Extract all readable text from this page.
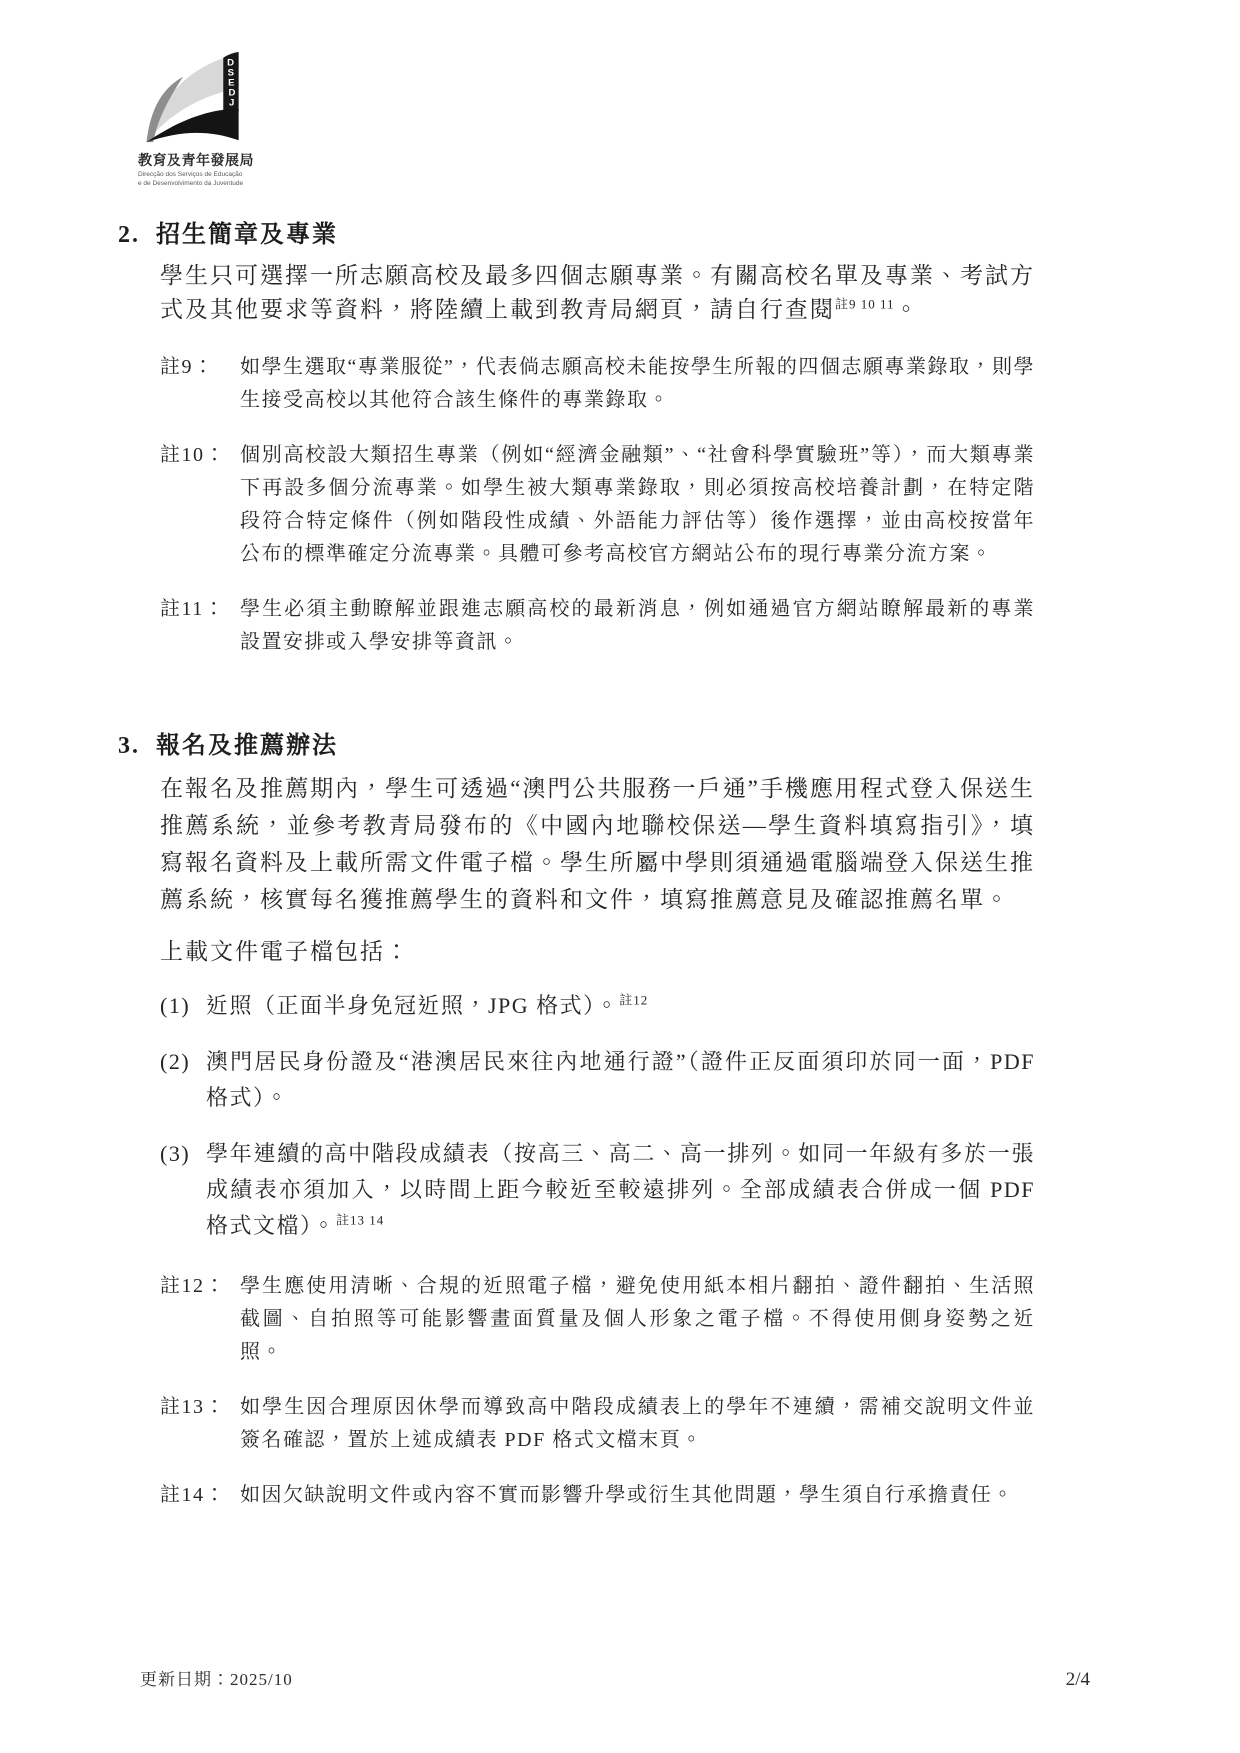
D S E D J
教育及青年發展局
Direcção dos Serviços de Educação
e de Desenvolvimento da Juventude
2. 招生簡章及專業

學生只可選擇一所志願高校及最多四個志願專業。有關高校名單及專業、考試方式及其他要求等資料，將陸續上載到教青局網頁，請自行查閱$^{註9 10 11}$。

註9：	如學生選取“專業服從”，代表倘志願高校未能按學生所報的四個志願專業錄取，則學生接受高校以其他符合該生條件的專業錄取。
註10： 個別高校設大類招生專業（例如“經濟金融類”、“社會科學實驗班”等），而大類專業下再設多個分流專業。如學生被大類專業錄取，則必須按高校培養計劃，在特定階段符合特定條件（例如階段性成績、外語能力評估等）後作選擇，並由高校按當年公布的標準確定分流專業。具體可參考高校官方網站公布的現行專業分流方案。
註11： 學生必須主動瞭解並跟進志願高校的最新消息，例如通過官方網站瞭解最新的專業設置安排或入學安排等資訊。
3. 報名及推薦辦法

在報名及推薦期內，學生可透過“澳門公共服務一戶通”手機應用程式登入保送生推薦系統，並參考教青局發布的《中國內地聯校保送—學生資料填寫指引》，填寫報名資料及上載所需文件電子檔。學生所屬中學則須通過電腦端登入保送生推薦系統，核實每名獲推薦學生的資料和文件，填寫推薦意見及確認推薦名單。

上載文件電子檔包括：

(1) 近照（正面半身免冠近照，JPG 格式）。$^{註12}$
(2) 澳門居民身份證及“港澳居民來往內地通行證”（證件正反面須印於同一面，PDF 格式）。
(3) 學年連續的高中階段成績表（按高三、高二、高一排列。如同一年級有多於一張成績表亦須加入，以時間上距今較近至較遠排列。全部成績表合併成一個 PDF 格式文檔）。$^{註13 14}$
註12： 學生應使用清晰、合規的近照電子檔，避免使用紙本相片翻拍、證件翻拍、生活照截圖、自拍照等可能影響畫面質量及個人形象之電子檔。不得使用側身姿勢之近照。
註13： 如學生因合理原因休學而導致高中階段成績表上的學年不連續，需補交說明文件並簽名確認，置於上述成績表 PDF 格式文檔末頁。
註14： 如因欠缺說明文件或內容不實而影響升學或衍生其他問題，學生須自行承擔責任。
更新日期：2025/10	2/4
